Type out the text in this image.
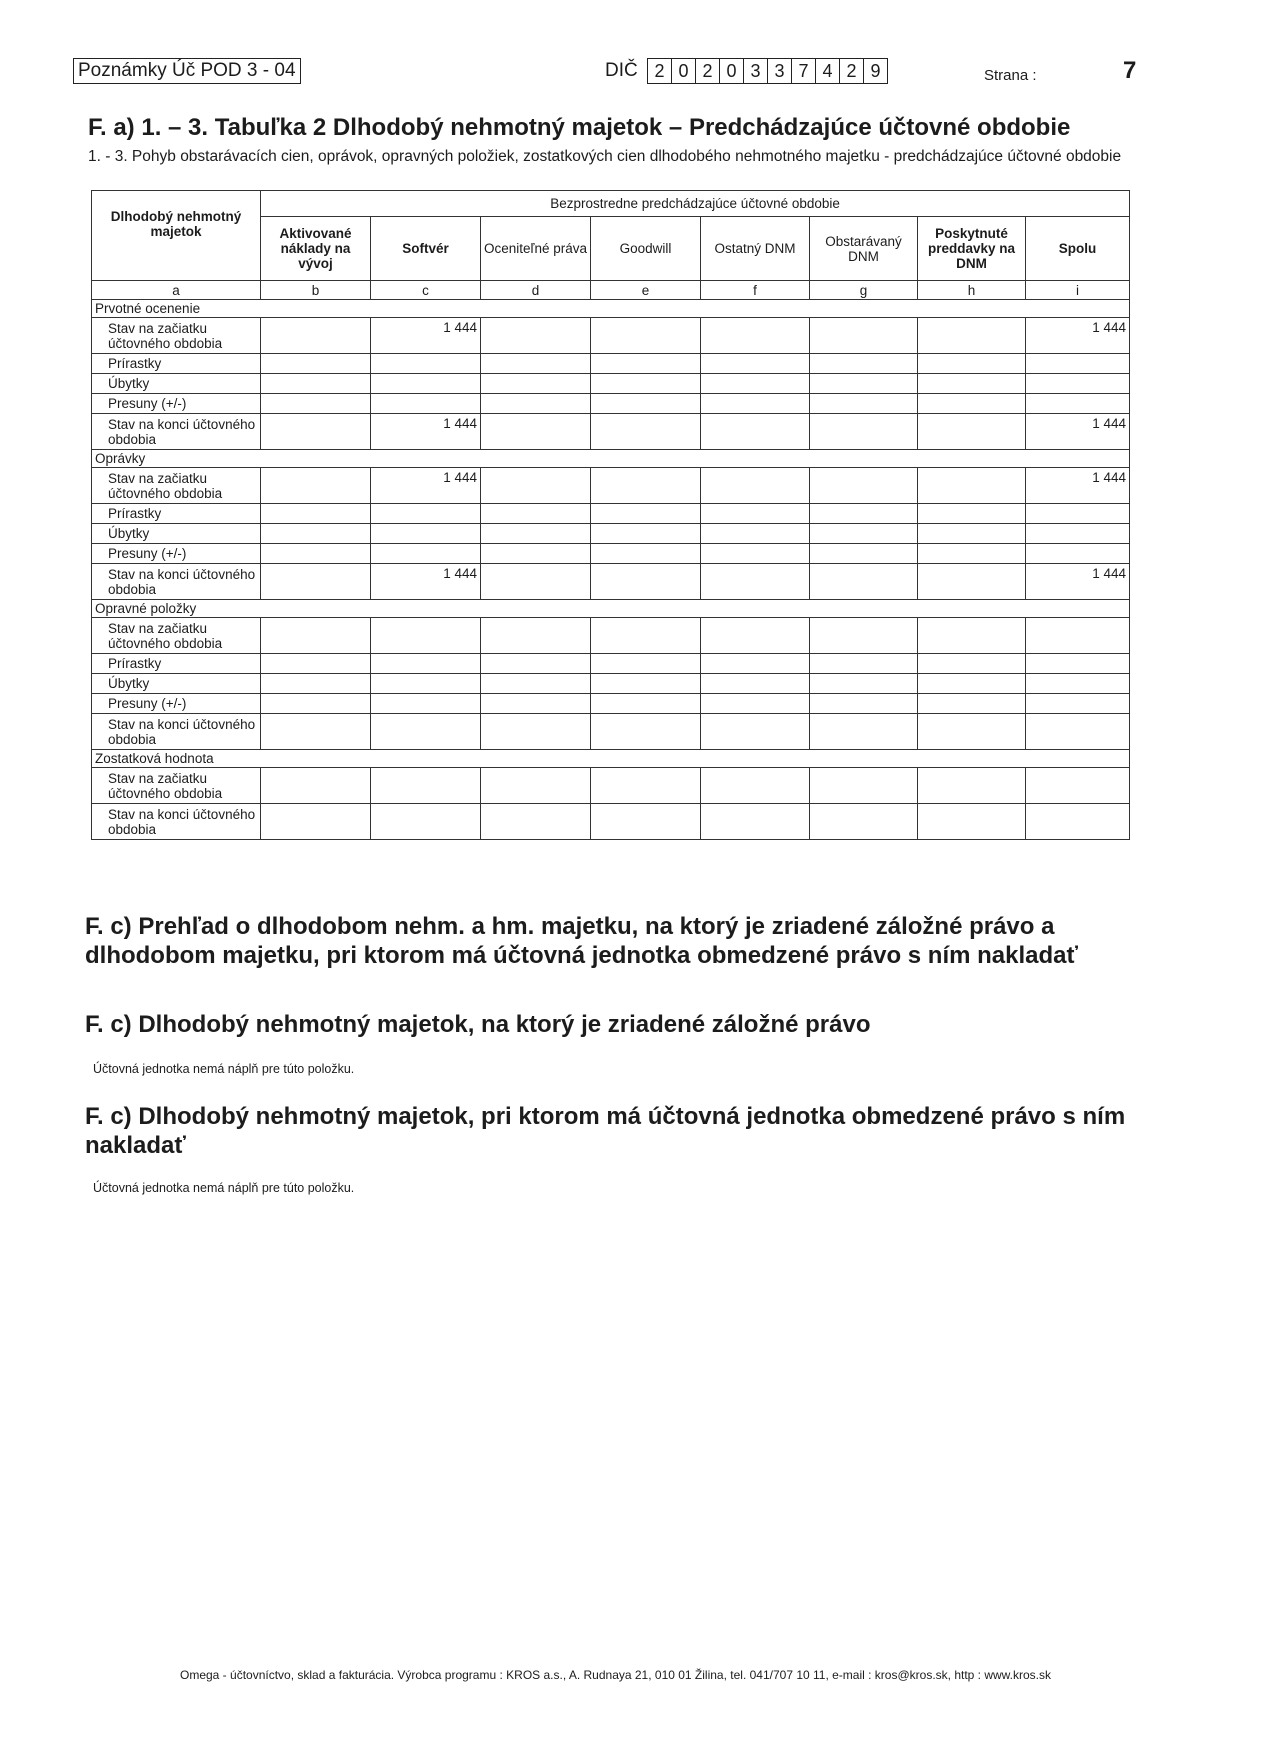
Poznámky Úč POD 3 - 04	DIČ 2 0 2 0 3 3 7 4 2 9	Strana :	7
F. a) 1. – 3. Tabuľka 2 Dlhodobý nehmotný majetok – Predchádzajúce účtovné obdobie
1. - 3. Pohyb obstarávacích cien, oprávok, opravných položiek, zostatkových cien dlhodobého nehmotného majetku - predchádzajúce účtovné obdobie
Dlhodobý nehmotný majetok	Bezprostredne predchádzajúce účtovné obdobie							
	Aktivované náklady na vývoj	Softvér	Oceniteľné práva	Goodwill	Ostatný DNM	Obstarávaný DNM	Poskytnuté preddavky na DNM	Spolu
a	b	c	d	e	f	g	h	i
Prvotné ocenenie								
Stav na začiatku účtovného obdobia		1 444						1 444
Prírastky								
Úbytky								
Presuny (+/-)								
Stav na konci účtovného obdobia		1 444						1 444
Oprávky								
Stav na začiatku účtovného obdobia		1 444						1 444
Prírastky								
Úbytky								
Presuny (+/-)								
Stav na konci účtovného obdobia		1 444						1 444
Opravné položky								
Stav na začiatku účtovného obdobia								
Prírastky								
Úbytky								
Presuny (+/-)								
Stav na konci účtovného obdobia								
Zostatková hodnota								
Stav na začiatku účtovného obdobia								
Stav na konci účtovného obdobia								
F. c) Prehľad o dlhodobom nehm. a hm. majetku, na ktorý je zriadené záložné právo a dlhodobom majetku, pri ktorom má účtovná jednotka obmedzené právo s ním nakladať
F. c) Dlhodobý nehmotný majetok, na ktorý je zriadené záložné právo
Účtovná jednotka nemá náplň pre túto položku.
F. c) Dlhodobý nehmotný majetok, pri ktorom má účtovná jednotka obmedzené právo s ním nakladať
Účtovná jednotka nemá náplň pre túto položku.
Omega - účtovníctvo, sklad a fakturácia. Výrobca programu : KROS a.s., A. Rudnaya 21, 010 01 Žilina, tel. 041/707 10 11, e-mail : kros@kros.sk, http : www.kros.sk
